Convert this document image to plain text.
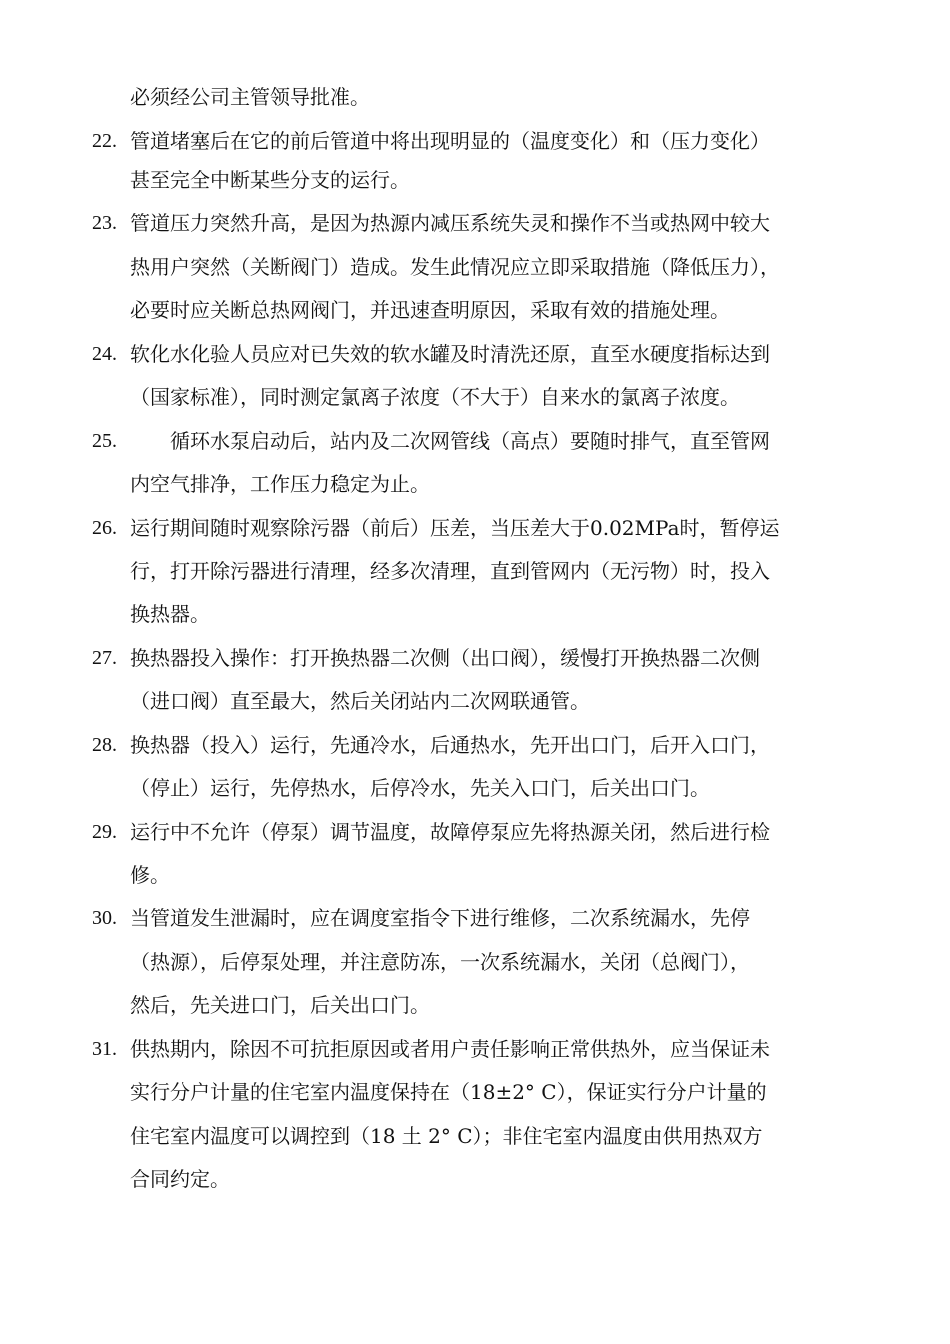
必须经公司主管领导批准。
22. 管道堵塞后在它的前后管道中将出现明显的（温度变化）和（压力变化）
甚至完全中断某些分支的运行。
23. 管道压力突然升高，是因为热源内减压系统失灵和操作不当或热网中较大
热用户突然（关断阀门）造成。发生此情况应立即采取措施（降低压力），
必要时应关断总热网阀门，并迅速查明原因，采取有效的措施处理。
24. 软化水化验人员应对已失效的软水罐及时清洗还原，直至水硬度指标达到
（国家标准），同时测定氯离子浓度（不大于）自来水的氯离子浓度。
25. 　　循环水泵启动后，站内及二次网管线（高点）要随时排气，直至管网
内空气排净，工作压力稳定为止。
26. 运行期间随时观察除污器（前后）压差，当压差大于0.02MPa时，暂停运
行，打开除污器进行清理，经多次清理，直到管网内（无污物）时，投入
换热器。
27. 换热器投入操作：打开换热器二次侧（出口阀），缓慢打开换热器二次侧
（进口阀）直至最大，然后关闭站内二次网联通管。
28. 换热器（投入）运行，先通冷水，后通热水，先开出口门，后开入口门，
（停止）运行，先停热水，后停冷水，先关入口门，后关出口门。
29. 运行中不允许（停泵）调节温度，故障停泵应先将热源关闭，然后进行检
修。
30. 当管道发生泄漏时，应在调度室指令下进行维修，二次系统漏水，先停
（热源），后停泵处理，并注意防冻，一次系统漏水，关闭（总阀门），
然后，先关进口门，后关出口门。
31. 供热期内，除因不可抗拒原因或者用户责任影响正常供热外，应当保证未
实行分户计量的住宅室内温度保持在（18±2° C），保证实行分户计量的
住宅室内温度可以调控到（18 土 2° C）；非住宅室内温度由供用热双方
合同约定。
